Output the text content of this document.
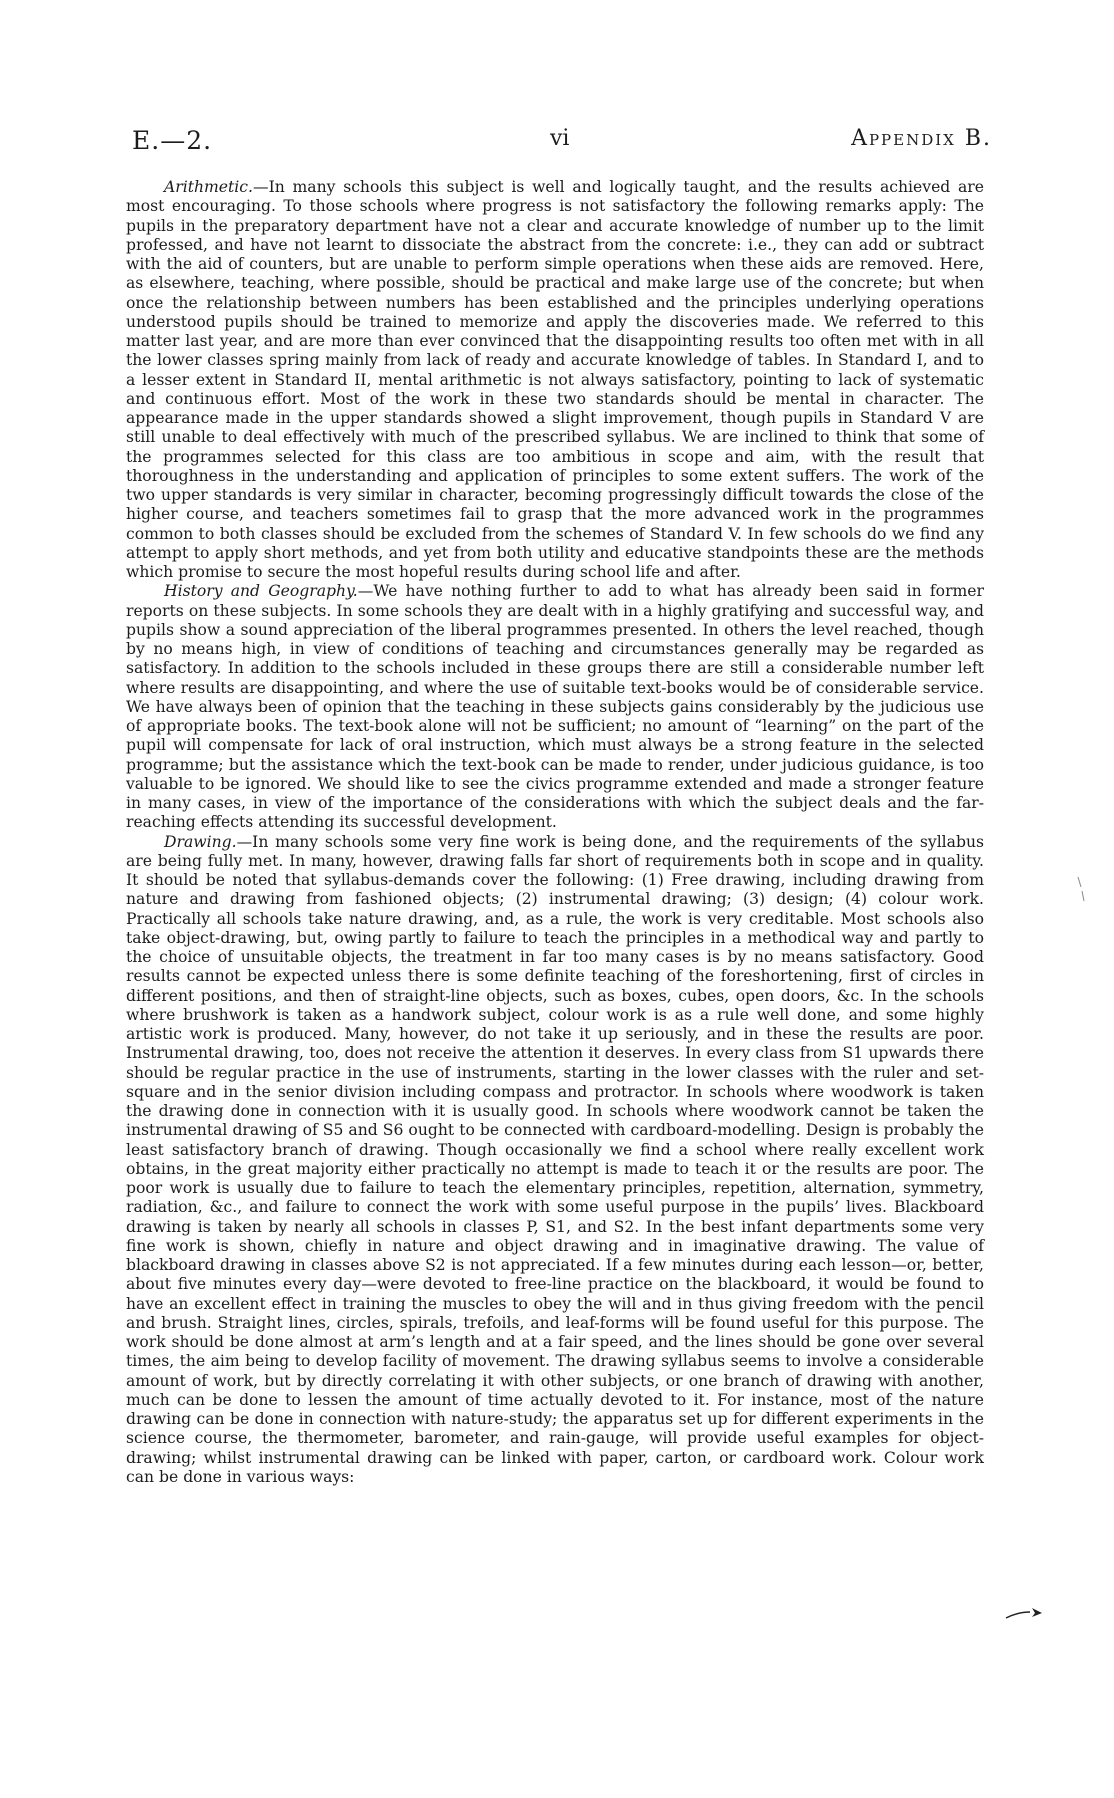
E.—2.	vi	Appendix B.

Arithmetic.—In many schools this subject is well and logically taught, and the results achieved are most encouraging. To those schools where progress is not satisfactory the following remarks apply: The pupils in the preparatory department have not a clear and accurate knowledge of number up to the limit professed, and have not learnt to dissociate the abstract from the concrete: i.e., they can add or subtract with the aid of counters, but are unable to perform simple operations when these aids are removed. Here, as elsewhere, teaching, where possible, should be practical and make large use of the concrete; but when once the relationship between numbers has been established and the principles underlying operations understood pupils should be trained to memorize and apply the discoveries made. We referred to this matter last year, and are more than ever convinced that the disappointing results too often met with in all the lower classes spring mainly from lack of ready and accurate knowledge of tables. In Standard I, and to a lesser extent in Standard II, mental arithmetic is not always satisfactory, pointing to lack of systematic and continuous effort. Most of the work in these two standards should be mental in character. The appearance made in the upper standards showed a slight improvement, though pupils in Standard V are still unable to deal effectively with much of the prescribed syllabus. We are inclined to think that some of the programmes selected for this class are too ambitious in scope and aim, with the result that thoroughness in the understanding and application of principles to some extent suffers. The work of the two upper standards is very similar in character, becoming progressingly difficult towards the close of the higher course, and teachers sometimes fail to grasp that the more advanced work in the programmes common to both classes should be excluded from the schemes of Standard V. In few schools do we find any attempt to apply short methods, and yet from both utility and educative standpoints these are the methods which promise to secure the most hopeful results during school life and after.

History and Geography.—We have nothing further to add to what has already been said in former reports on these subjects. In some schools they are dealt with in a highly gratifying and successful way, and pupils show a sound appreciation of the liberal programmes presented. In others the level reached, though by no means high, in view of conditions of teaching and circumstances generally may be regarded as satisfactory. In addition to the schools included in these groups there are still a considerable number left where results are disappointing, and where the use of suitable text-books would be of considerable service. We have always been of opinion that the teaching in these subjects gains considerably by the judicious use of appropriate books. The text-book alone will not be sufficient; no amount of “learning” on the part of the pupil will compensate for lack of oral instruction, which must always be a strong feature in the selected programme; but the assistance which the text-book can be made to render, under judicious guidance, is too valuable to be ignored. We should like to see the civics programme extended and made a stronger feature in many cases, in view of the importance of the considerations with which the subject deals and the far-reaching effects attending its successful development.

Drawing.—In many schools some very fine work is being done, and the requirements of the syllabus are being fully met. In many, however, drawing falls far short of requirements both in scope and in quality. It should be noted that syllabus-demands cover the following: (1) Free drawing, including drawing from nature and drawing from fashioned objects; (2) instrumental drawing; (3) design; (4) colour work. Practically all schools take nature drawing, and, as a rule, the work is very creditable. Most schools also take object-drawing, but, owing partly to failure to teach the principles in a methodical way and partly to the choice of unsuitable objects, the treatment in far too many cases is by no means satisfactory. Good results cannot be expected unless there is some definite teaching of the foreshortening, first of circles in different positions, and then of straight-line objects, such as boxes, cubes, open doors, &c. In the schools where brushwork is taken as a handwork subject, colour work is as a rule well done, and some highly artistic work is produced. Many, however, do not take it up seriously, and in these the results are poor. Instrumental drawing, too, does not receive the attention it deserves. In every class from S1 upwards there should be regular practice in the use of instruments, starting in the lower classes with the ruler and set-square and in the senior division including compass and protractor. In schools where woodwork is taken the drawing done in connection with it is usually good. In schools where woodwork cannot be taken the instrumental drawing of S5 and S6 ought to be connected with cardboard-modelling. Design is probably the least satisfactory branch of drawing. Though occasionally we find a school where really excellent work obtains, in the great majority either practically no attempt is made to teach it or the results are poor. The poor work is usually due to failure to teach the elementary principles, repetition, alternation, symmetry, radiation, &c., and failure to connect the work with some useful purpose in the pupils’ lives. Blackboard drawing is taken by nearly all schools in classes P, S1, and S2. In the best infant departments some very fine work is shown, chiefly in nature and object drawing and in imaginative drawing. The value of blackboard drawing in classes above S2 is not appreciated. If a few minutes during each lesson—or, better, about five minutes every day—were devoted to free-line practice on the blackboard, it would be found to have an excellent effect in training the muscles to obey the will and in thus giving freedom with the pencil and brush. Straight lines, circles, spirals, trefoils, and leaf-forms will be found useful for this purpose. The work should be done almost at arm’s length and at a fair speed, and the lines should be gone over several times, the aim being to develop facility of movement. The drawing syllabus seems to involve a considerable amount of work, but by directly correlating it with other subjects, or one branch of drawing with another, much can be done to lessen the amount of time actually devoted to it. For instance, most of the nature drawing can be done in connection with nature-study; the apparatus set up for different experiments in the science course, the thermometer, barometer, and rain-gauge, will provide useful examples for object-drawing; whilst instrumental drawing can be linked with paper, carton, or cardboard work. Colour work can be done in various ways:
